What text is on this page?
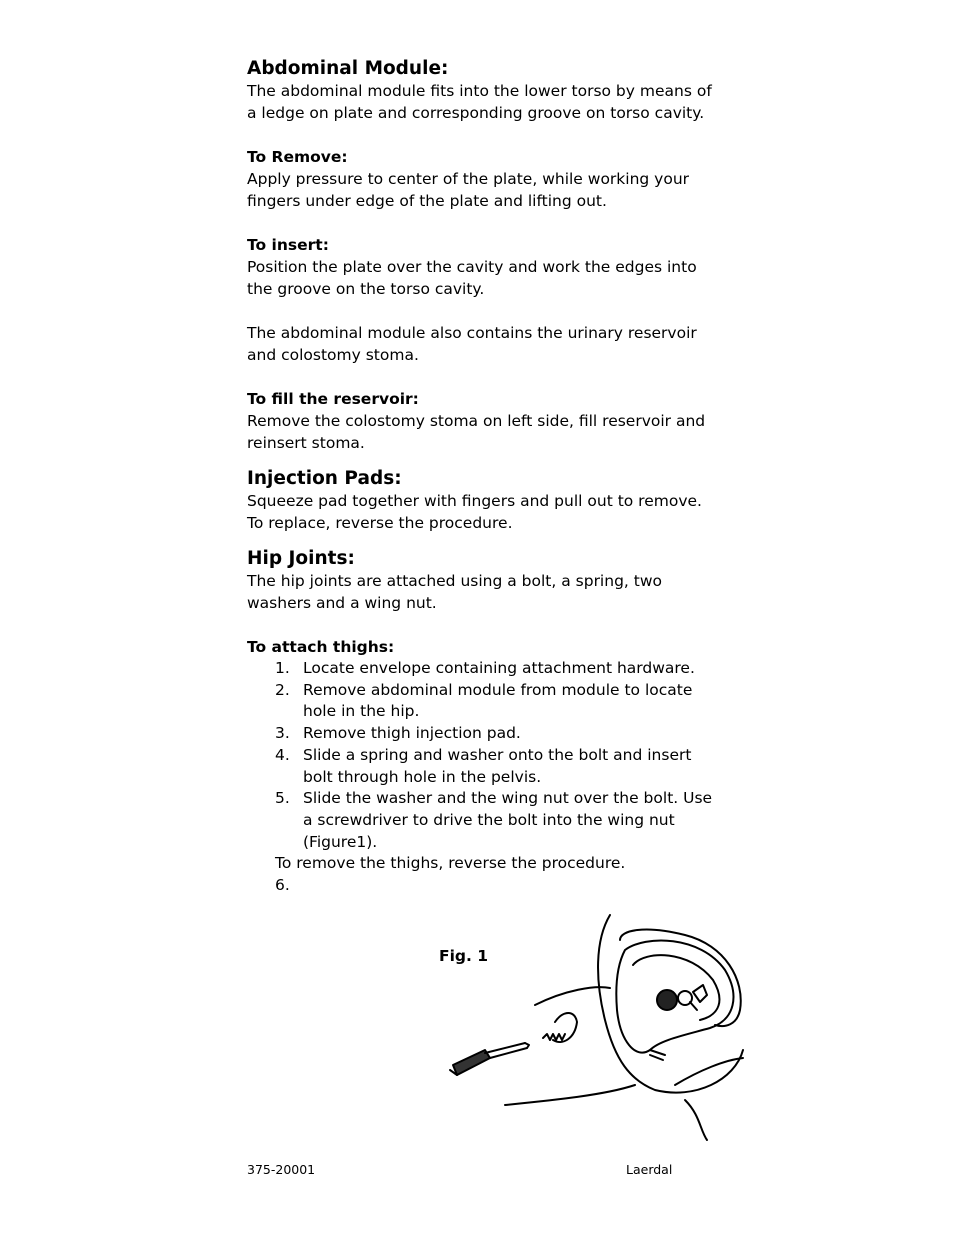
Abdominal Module:

The abdominal module fits into the lower torso by means of

a ledge on plate and corresponding groove on torso cavity.

To Remove:

Apply pressure to center of the plate, while working your

fingers under edge of the plate and lifting out.

To insert:

Position the plate over the cavity and work the edges into

the groove on the torso cavity.

The abdominal module also contains the urinary reservoir

and colostomy stoma.

To fill the reservoir:

Remove the colostomy stoma on left side, fill reservoir and

reinsert stoma.

Injection Pads:

Squeeze pad together with fingers and pull out to remove.

To replace, reverse the procedure.

Hip Joints:

The hip joints are attached using a bolt, a spring, two

washers and a wing nut.

To attach thighs:
1. Locate envelope containing attachment hardware.
2. Remove abdominal module from module to locate
hole in the hip.
3. Remove thigh injection pad.
4. Slide a spring and washer onto the bolt and insert
bolt through hole in the pelvis.
5. Slide the washer and the wing nut over the bolt. Use
a screwdriver to drive the bolt into the wing nut
(Figure1).

To remove the thighs, reverse the procedure.

6.

Fig. 1
375-20001	Laerdal
